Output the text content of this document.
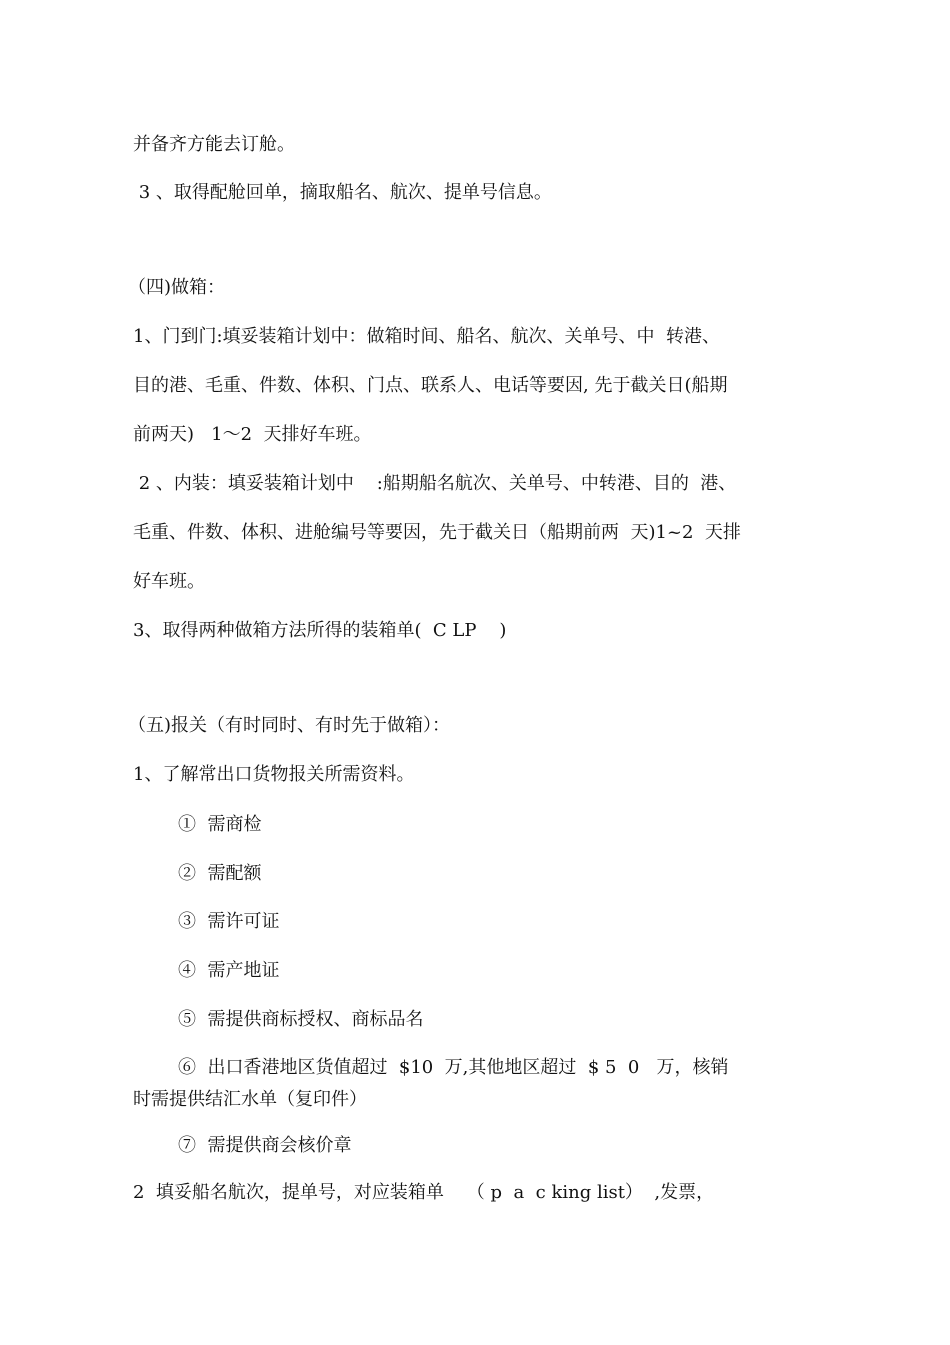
并备齐方能去订舱。
3 、取得配舱回单，摘取船名、航次、提单号信息。
（四)做箱：
1、门到门:填妥装箱计划中：做箱时间、船名、航次、关单号、中  转港、
目的港、毛重、件数、体积、门点、联系人、电话等要因, 先于截关日(船期
前两天)   1～2  天排好车班。
2 、内装：填妥装箱计划中    :船期船名航次、关单号、中转港、目的  港、
毛重、件数、体积、进舱编号等要因，先于截关日（船期前两  天)1~2  天排
好车班。
3、取得两种做箱方法所得的装箱单(  C LP    )
（五)报关（有时同时、有时先于做箱）：
1、了解常出口货物报关所需资料。
①  需商检
②  需配额
③  需许可证
④  需产地证
⑤  需提供商标授权、商标品名
⑥  出口香港地区货值超过  $10  万,其他地区超过  $ 5  0   万，核销
时需提供结汇水单（复印件）
⑦  需提供商会核价章
2  填妥船名航次，提单号，对应装箱单    （ p  a  c king list）  ,发票，
